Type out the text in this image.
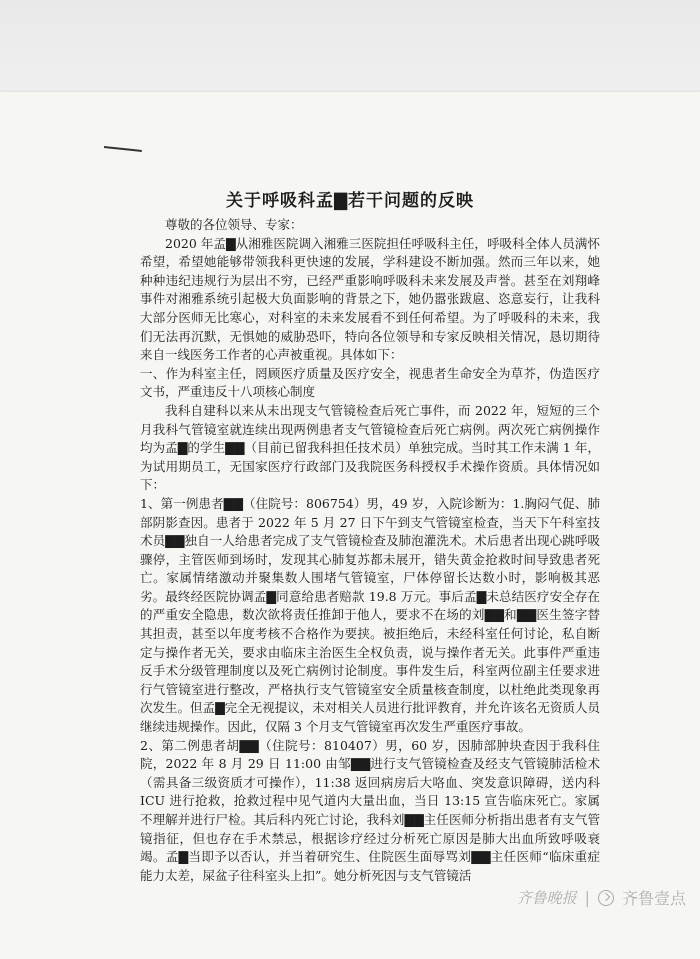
关于呼吸科孟▇若干问题的反映

尊敬的各位领导、专家：

2020 年孟▇从湘雅医院调入湘雅三医院担任呼吸科主任，呼吸科全体人员满怀希望，希望她能够带领我科更快速的发展，学科建设不断加强。然而三年以来，她种种违纪违规行为层出不穷，已经严重影响呼吸科未来发展及声誉。甚至在刘翔峰事件对湘雅系统引起极大负面影响的背景之下，她仍嚣张跋扈、恣意妄行，让我科大部分医师无比寒心，对科室的未来发展看不到任何希望。为了呼吸科的未来，我们无法再沉默，无惧她的威胁恐吓，特向各位领导和专家反映相关情况，恳切期待来自一线医务工作者的心声被重视。具体如下：

一、作为科室主任，罔顾医疗质量及医疗安全，视患者生命安全为草芥，伪造医疗文书，严重违反十八项核心制度

我科自建科以来从未出现支气管镜检查后死亡事件，而 2022 年，短短的三个月我科气管镜室就连续出现两例患者支气管镜检查后死亡病例。两次死亡病例操作均为孟▇的学生▇▇（目前已留我科担任技术员）单独完成。当时其工作未满 1 年，为试用期员工，无国家医疗行政部门及我院医务科授权手术操作资质。具体情况如下：

1、第一例患者▇▇（住院号：806754）男，49 岁，入院诊断为：1.胸闷气促、肺部阴影查因。患者于 2022 年 5 月 27 日下午到支气管镜室检查，当天下午科室技术员▇▇独自一人给患者完成了支气管镜检查及肺泡灌洗术。术后患者出现心跳呼吸骤停，主管医师到场时，发现其心肺复苏都未展开，错失黄金抢救时间导致患者死亡。家属情绪激动并聚集数人围堵气管镜室，尸体停留长达数小时，影响极其恶劣。最终经医院协调孟▇同意给患者赔款 19.8 万元。事后孟▇未总结医疗安全存在的严重安全隐患，数次欲将责任推卸于他人，要求不在场的刘▇▇和▇▇医生签字替其担责，甚至以年度考核不合格作为要挟。被拒绝后，未经科室任何讨论，私自断定与操作者无关，要求由临床主治医生全权负责，说与操作者无关。此事件严重违反手术分级管理制度以及死亡病例讨论制度。事件发生后，科室两位副主任要求进行气管镜室进行整改，严格执行支气管镜室安全质量核查制度，以杜绝此类现象再次发生。但孟▇完全无视提议，未对相关人员进行批评教育，并允许该名无资质人员继续违规操作。因此，仅隔 3 个月支气管镜室再次发生严重医疗事故。

2、第二例患者胡▇▇（住院号：810407）男，60 岁，因肺部肿块查因于我科住院，2022 年 8 月 29 日 11:00 由邹▇▇进行支气管镜检查及经支气管镜肺活检术（需具备三级资质才可操作），11:38 返回病房后大咯血、突发意识障碍，送内科 ICU 进行抢救，抢救过程中见气道内大量出血，当日 13:15 宣告临床死亡。家属不理解并进行尸检。其后科内死亡讨论，我科刘▇▇主任医师分析指出患者有支气管镜指征，但也存在手术禁忌，根据诊疗经过分析死亡原因是肺大出血所致呼吸衰竭。孟▇当即予以否认，并当着研究生、住院医生面辱骂刘▇▇主任医师“临床重症能力太差，屎盆子往科室头上扣”。她分析死因与支气管镜活

齐鲁晚报 | 齐鲁壹点
